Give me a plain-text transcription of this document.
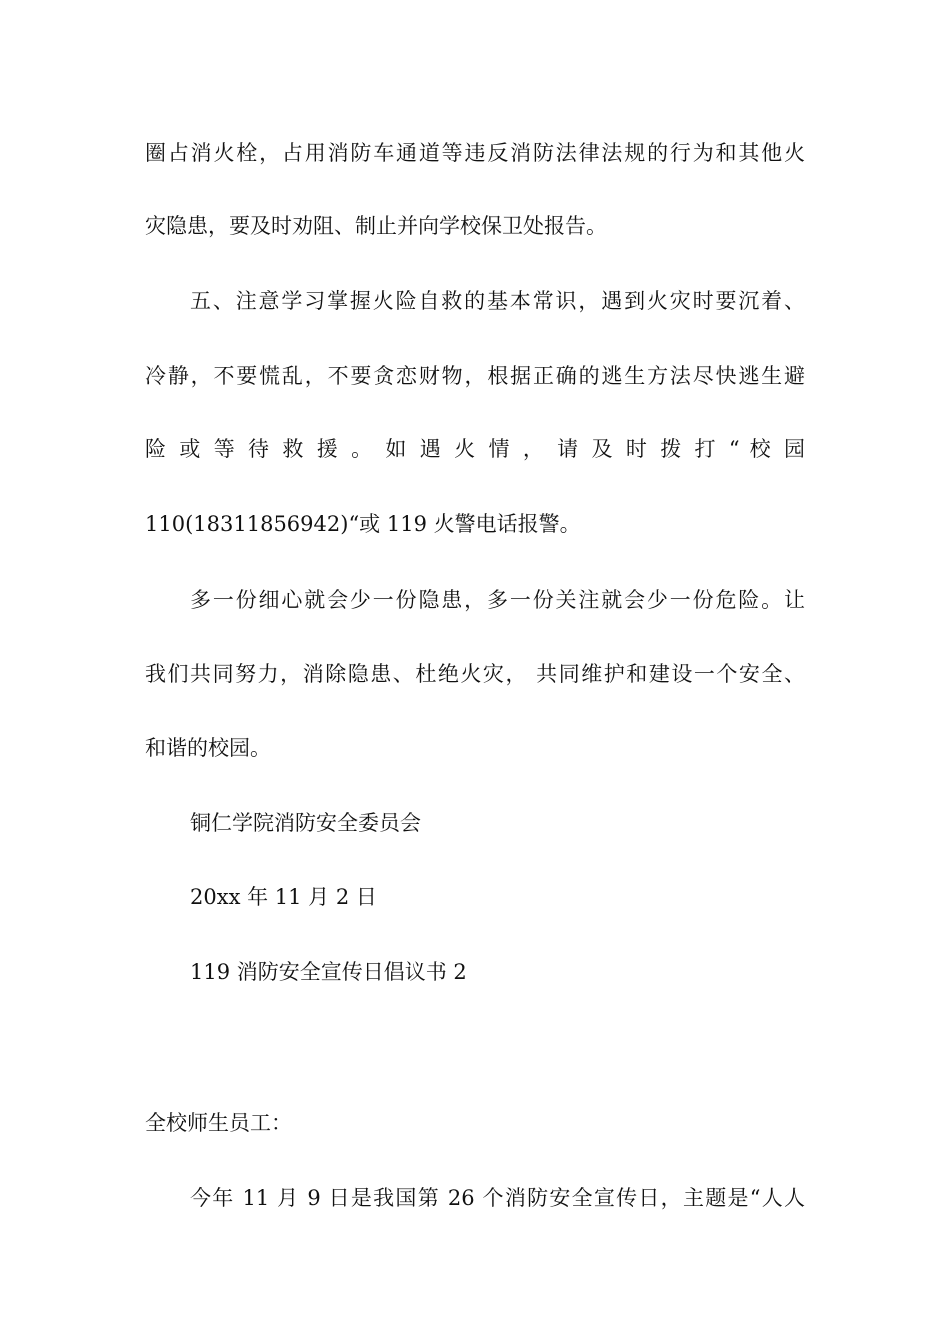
圈占消火栓，占用消防车通道等违反消防法律法规的行为和其他火
灾隐患，要及时劝阻、制止并向学校保卫处报告。
五、注意学习掌握火险自救的基本常识，遇到火灾时要沉着、
冷静，不要慌乱，不要贪恋财物，根据正确的逃生方法尽快逃生避
险 或 等 待 救 援 。 如 遇 火 情 ， 请 及 时 拨 打 “ 校 园
110(18311856942)“或 119 火警电话报警。
多一份细心就会少一份隐患，多一份关注就会少一份危险。让
我们共同努力，消除隐患、杜绝火灾， 共同维护和建设一个安全、
和谐的校园。
铜仁学院消防安全委员会
20xx 年 11 月 2 日
119 消防安全宣传日倡议书 2
全校师生员工：
今年 11 月 9 日是我国第 26 个消防安全宣传日，主题是“人人
